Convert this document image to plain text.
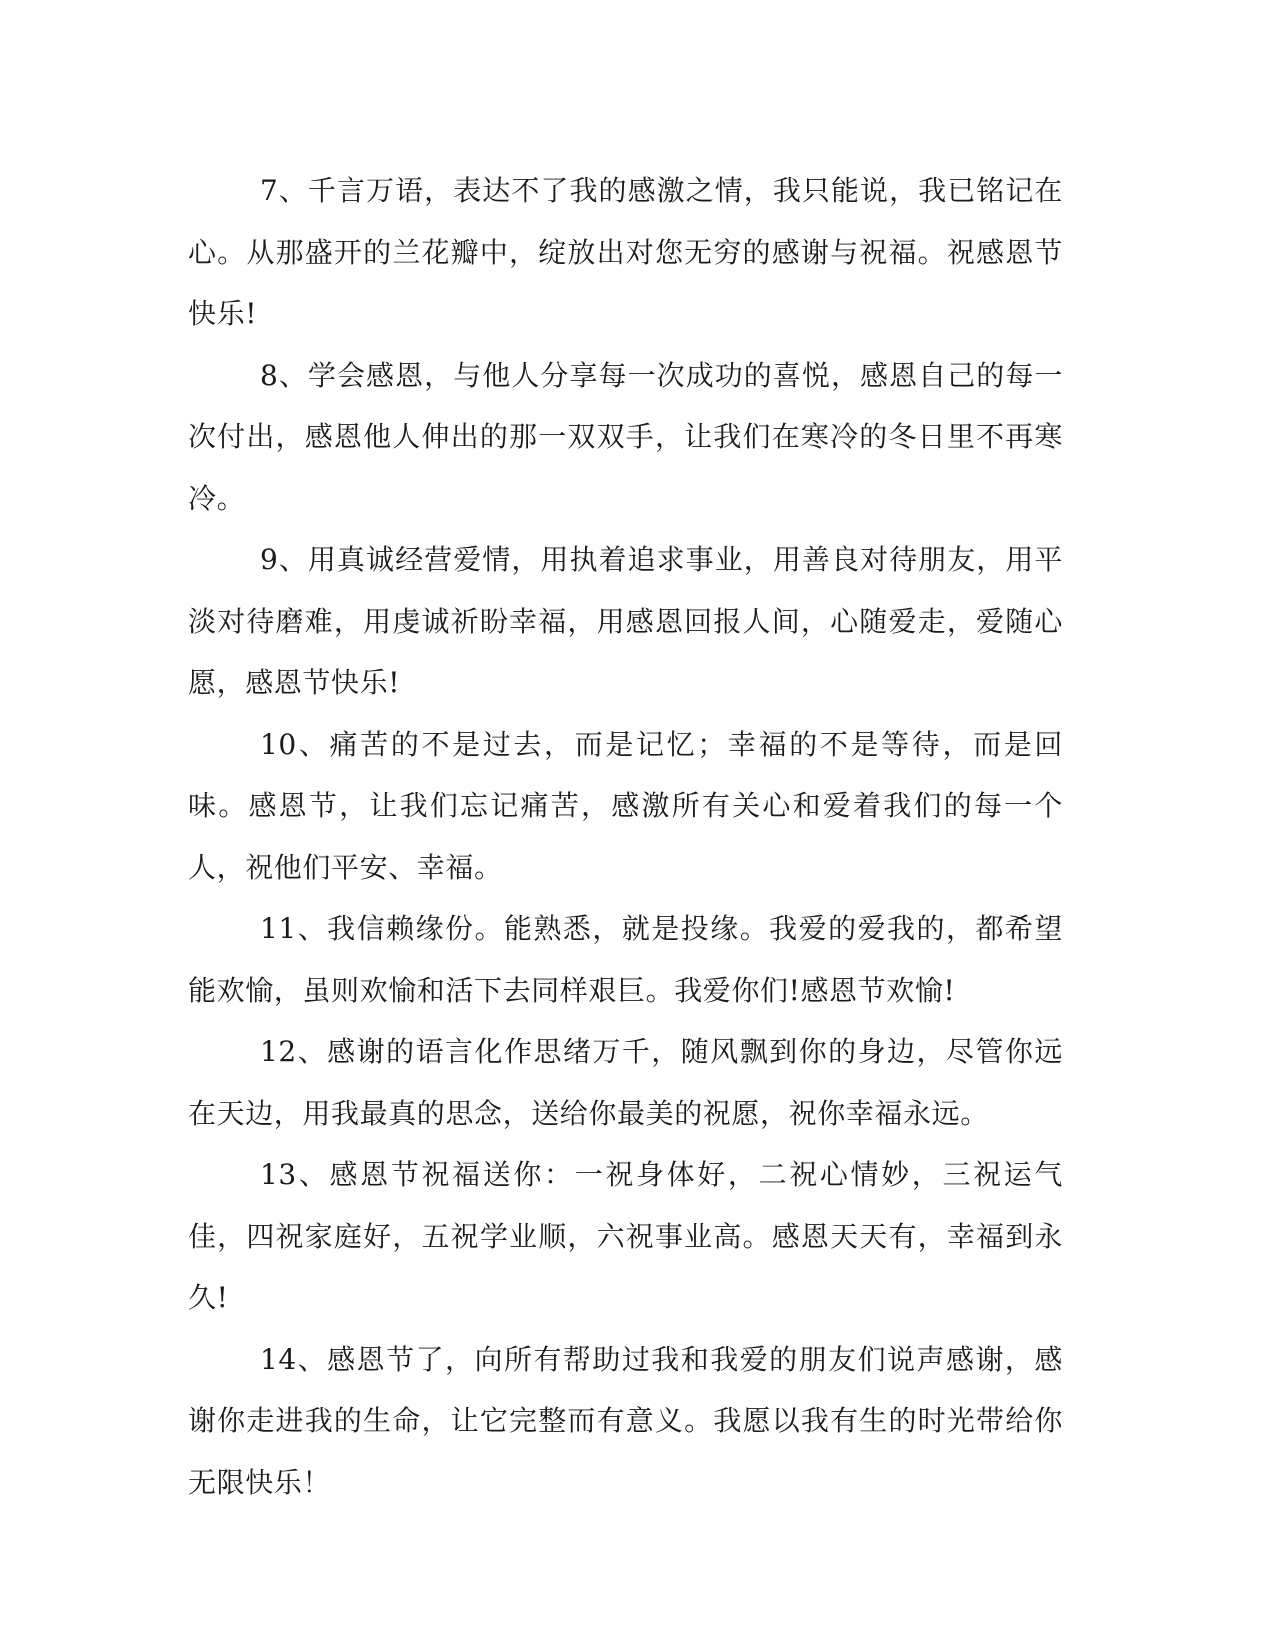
7、千言万语，表达不了我的感激之情，我只能说，我已铭记在心。从那盛开的兰花瓣中，绽放出对您无穷的感谢与祝福。祝感恩节快乐!

8、学会感恩，与他人分享每一次成功的喜悦，感恩自己的每一次付出，感恩他人伸出的那一双双手，让我们在寒冷的冬日里不再寒冷。

9、用真诚经营爱情，用执着追求事业，用善良对待朋友，用平淡对待磨难，用虔诚祈盼幸福，用感恩回报人间，心随爱走，爱随心愿，感恩节快乐!

10、痛苦的不是过去，而是记忆；幸福的不是等待，而是回味。感恩节，让我们忘记痛苦，感激所有关心和爱着我们的每一个人，祝他们平安、幸福。

11、我信赖缘份。能熟悉，就是投缘。我爱的爱我的，都希望能欢愉，虽则欢愉和活下去同样艰巨。我爱你们!感恩节欢愉!

12、感谢的语言化作思绪万千，随风飘到你的身边，尽管你远在天边，用我最真的思念，送给你最美的祝愿，祝你幸福永远。

13、感恩节祝福送你：一祝身体好，二祝心情妙，三祝运气佳，四祝家庭好，五祝学业顺，六祝事业高。感恩天天有，幸福到永久!

14、感恩节了，向所有帮助过我和我爱的朋友们说声感谢，感谢你走进我的生命，让它完整而有意义。我愿以我有生的时光带给你无限快乐！
